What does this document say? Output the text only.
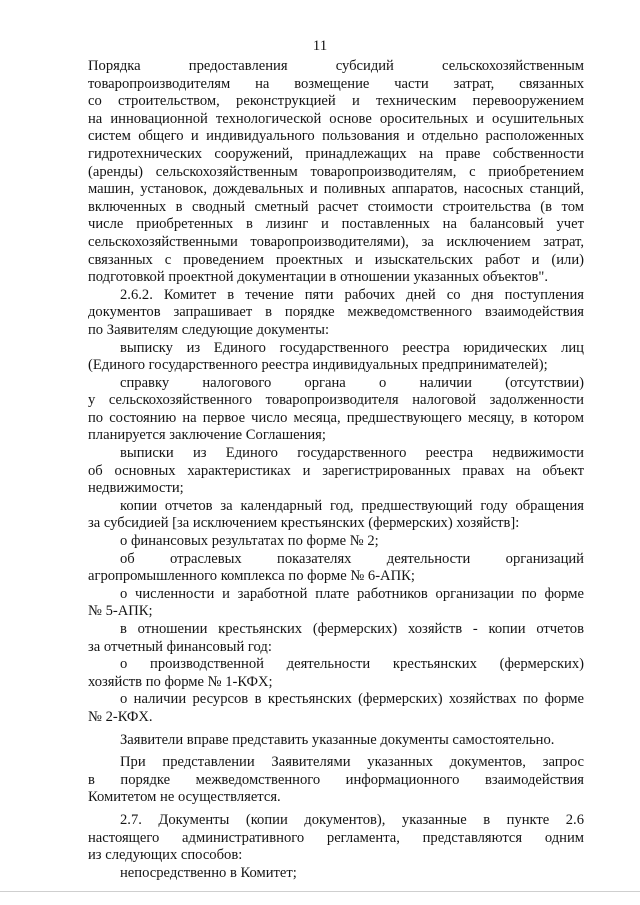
11
Порядка предоставления субсидий сельскохозяйственным
товаропроизводителям на возмещение части затрат, связанных
со строительством, реконструкцией и техническим перевооружением
на инновационной технологической основе оросительных и осушительных
систем общего и индивидуального пользования и отдельно расположенных
гидротехнических сооружений, принадлежащих на праве собственности
(аренды) сельскохозяйственным товаропроизводителям, с приобретением
машин, установок, дождевальных и поливных аппаратов, насосных станций,
включенных в сводный сметный расчет стоимости строительства (в том
числе приобретенных в лизинг и поставленных на балансовый учет
сельскохозяйственными товаропроизводителями), за исключением затрат,
связанных с проведением проектных и изыскательских работ и (или)
подготовкой проектной документации в отношении указанных объектов".
2.6.2. Комитет в течение пяти рабочих дней со дня поступления
документов запрашивает в порядке межведомственного взаимодействия
по Заявителям следующие документы:
выписку из Единого государственного реестра юридических лиц
(Единого государственного реестра индивидуальных предпринимателей);
справку налогового органа о наличии (отсутствии)
у сельскохозяйственного товаропроизводителя налоговой задолженности
по состоянию на первое число месяца, предшествующего месяцу, в котором
планируется заключение Соглашения;
выписки из Единого государственного реестра недвижимости
об основных характеристиках и зарегистрированных правах на объект
недвижимости;
копии отчетов за календарный год, предшествующий году обращения
за субсидией [за исключением крестьянских (фермерских) хозяйств]:
о финансовых результатах по форме № 2;
об отраслевых показателях деятельности организаций
агропромышленного комплекса по форме № 6-АПК;
о численности и заработной плате работников организации по форме
№ 5-АПК;
в отношении крестьянских (фермерских) хозяйств - копии отчетов
за отчетный финансовый год:
о производственной деятельности крестьянских (фермерских)
хозяйств по форме № 1-КФХ;
о наличии ресурсов в крестьянских (фермерских) хозяйствах по форме
№ 2-КФХ.
Заявители вправе представить указанные документы самостоятельно.
При представлении Заявителями указанных документов, запрос
в порядке межведомственного информационного взаимодействия
Комитетом не осуществляется.
2.7. Документы (копии документов), указанные в пункте 2.6
настоящего административного регламента, представляются одним
из следующих способов:
непосредственно в Комитет;
